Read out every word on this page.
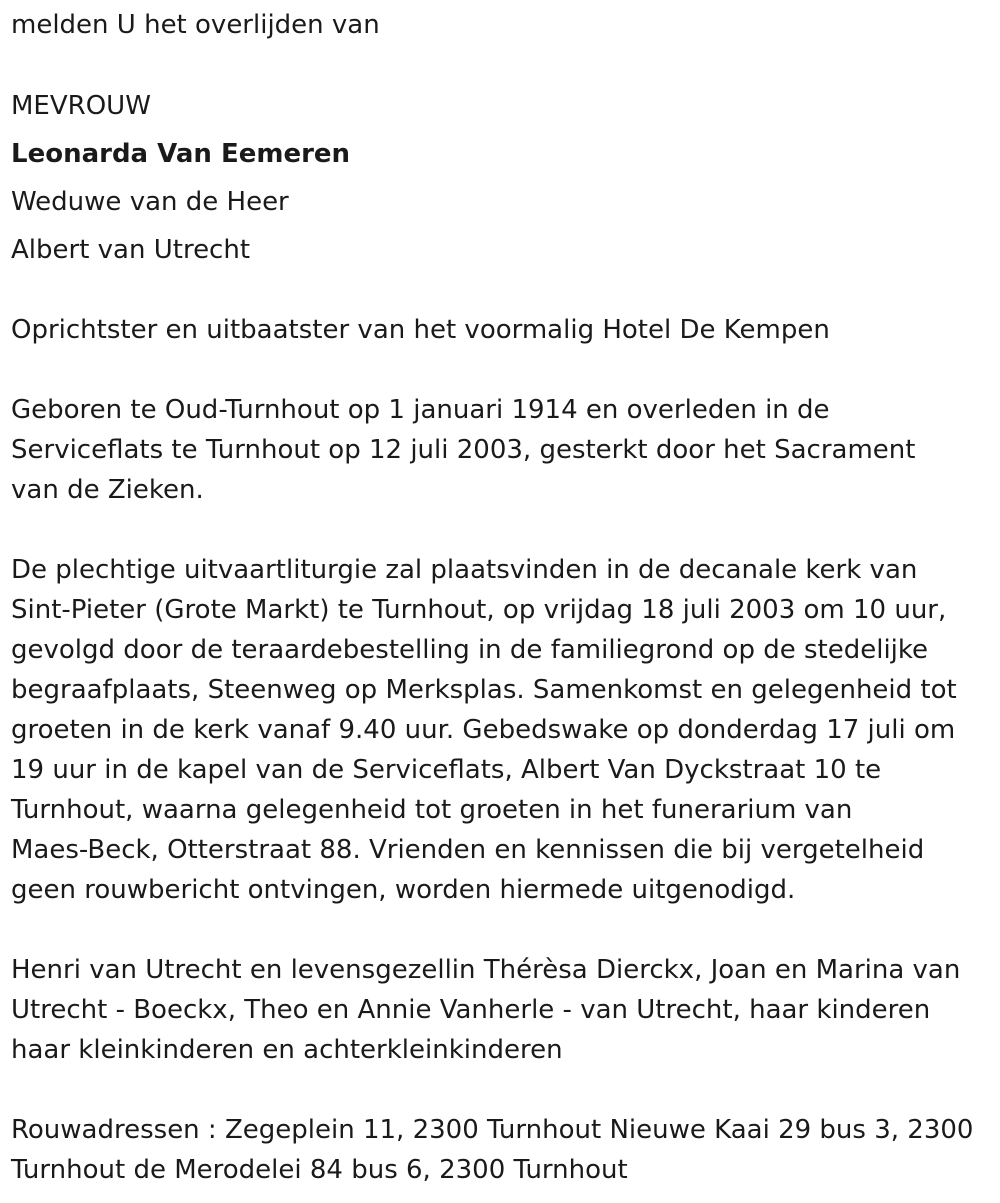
melden U het overlijden van

MEVROUW

Leonarda Van Eemeren

Weduwe van de Heer

Albert van Utrecht

Oprichtster en uitbaatster van het voormalig Hotel De Kempen

Geboren te Oud-Turnhout op 1 januari 1914 en overleden in de

Serviceflats te Turnhout op 12 juli 2003, gesterkt door het Sacrament

van de Zieken.

De plechtige uitvaartliturgie zal plaatsvinden in de decanale kerk van

Sint-Pieter (Grote Markt) te Turnhout, op vrijdag 18 juli 2003 om 10 uur,

gevolgd door de teraardebestelling in de familiegrond op de stedelijke

begraafplaats, Steenweg op Merksplas. Samenkomst en gelegenheid tot

groeten in de kerk vanaf 9.40 uur. Gebedswake op donderdag 17 juli om

19 uur in de kapel van de Serviceflats, Albert Van Dyckstraat 10 te

Turnhout, waarna gelegenheid tot groeten in het funerarium van

Maes-Beck, Otterstraat 88. Vrienden en kennissen die bij vergetelheid

geen rouwbericht ontvingen, worden hiermede uitgenodigd.

Henri van Utrecht en levensgezellin Thérèsa Dierckx, Joan en Marina van

Utrecht - Boeckx, Theo en Annie Vanherle - van Utrecht, haar kinderen

haar kleinkinderen en achterkleinkinderen

Rouwadressen : Zegeplein 11, 2300 Turnhout Nieuwe Kaai 29 bus 3, 2300

Turnhout de Merodelei 84 bus 6, 2300 Turnhout
